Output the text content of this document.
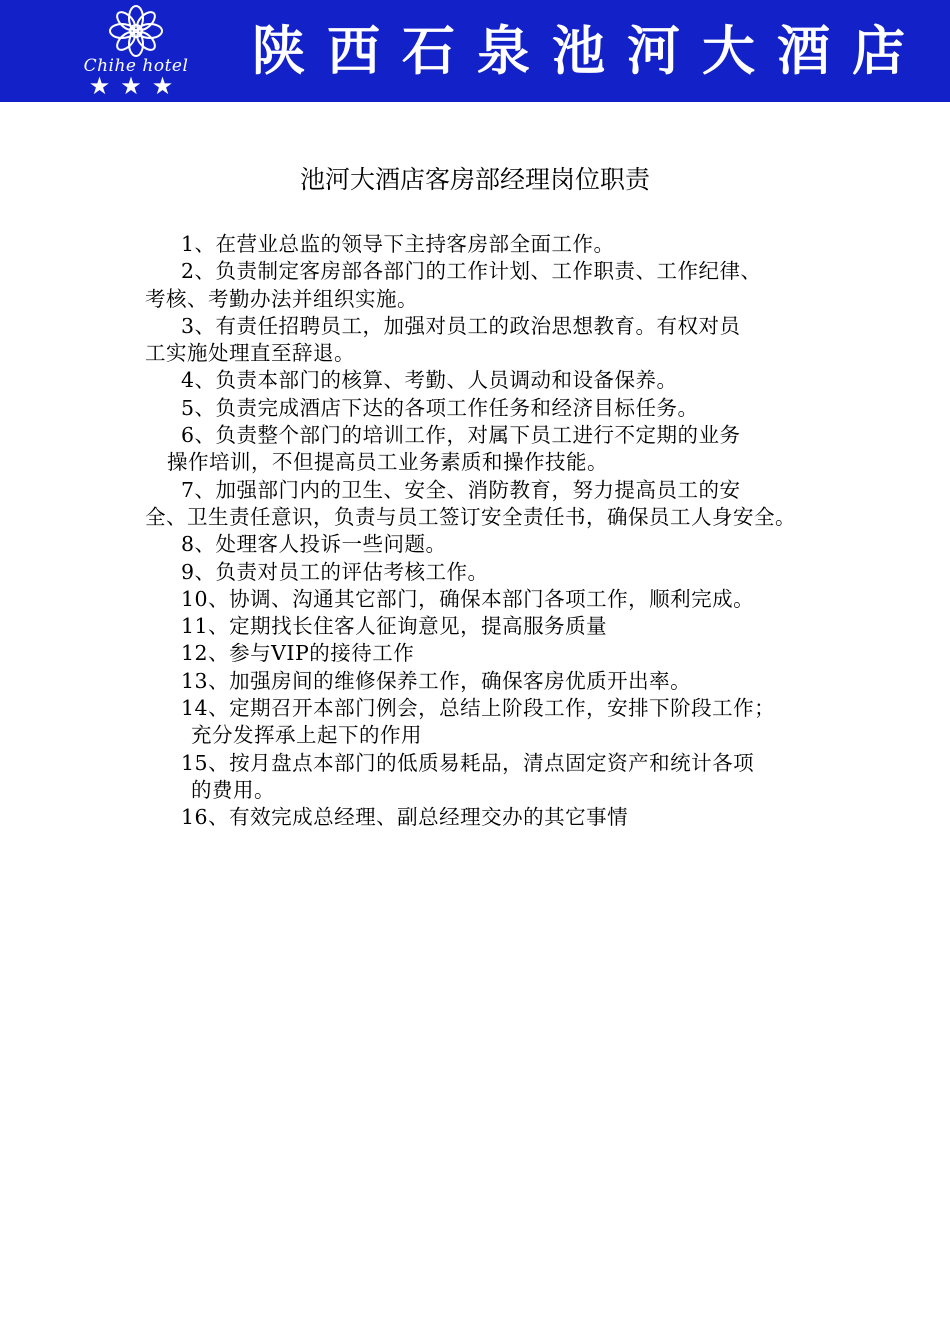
Chihe hotel
★★★
陕西石泉池河大酒店
池河大酒店客房部经理岗位职责

1、在营业总监的领导下主持客房部全面工作。

2、负责制定客房部各部门的工作计划、工作职责、工作纪律、
考核、考勤办法并组织实施。

3、有责任招聘员工，加强对员工的政治思想教育。有权对员
工实施处理直至辞退。

4、负责本部门的核算、考勤、人员调动和设备保养。

5、负责完成酒店下达的各项工作任务和经济目标任务。

6、负责整个部门的培训工作，对属下员工进行不定期的业务
操作培训，不但提高员工业务素质和操作技能。

7、加强部门内的卫生、安全、消防教育，努力提高员工的安
全、卫生责任意识，负责与员工签订安全责任书，确保员工人身安全。

8、处理客人投诉一些问题。

9、负责对员工的评估考核工作。

10、协调、沟通其它部门，确保本部门各项工作，顺利完成。

11、定期找长住客人征询意见，提高服务质量

12、参与VIP的接待工作

13、加强房间的维修保养工作，确保客房优质开出率。

14、定期召开本部门例会，总结上阶段工作，安排下阶段工作；
充分发挥承上起下的作用

15、按月盘点本部门的低质易耗品，清点固定资产和统计各项
的费用。

16、有效完成总经理、副总经理交办的其它事情
